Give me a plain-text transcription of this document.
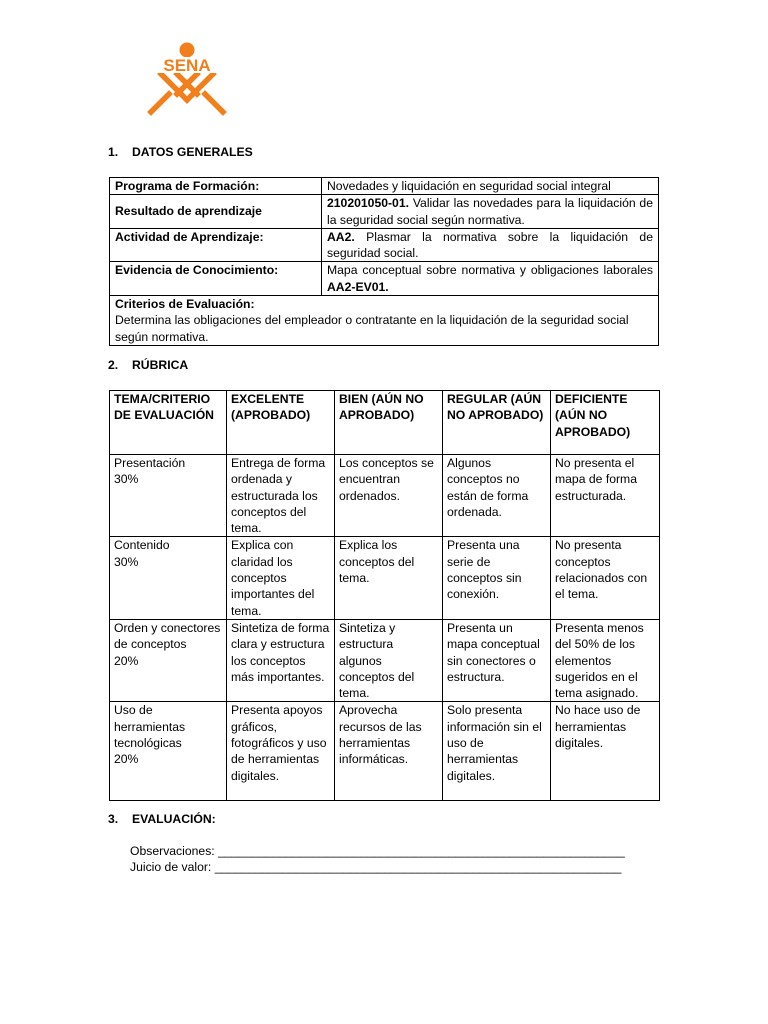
SENA
1. DATOS GENERALES
Programa de Formación:	Novedades y liquidación en seguridad social integral
Resultado de aprendizaje	210201050-01. Validar las novedades para la liquidación de la seguridad social según normativa.
Actividad de Aprendizaje:	AA2. Plasmar la normativa sobre la liquidación de seguridad social.
Evidencia de Conocimiento:	Mapa conceptual sobre normativa y obligaciones laborales AA2-EV01.

Criterios de Evaluación:
Determina las obligaciones del empleador o contratante en la liquidación de la seguridad social según normativa.	
2. RÚBRICA
TEMA/CRITERIO DE EVALUACIÓN	EXCELENTE (APROBADO)	BIEN (AÚN NO APROBADO)	REGULAR (AÚN NO APROBADO)	DEFICIENTE (AÚN NO APROBADO)

Presentación
30%	Entrega de forma ordenada y estructurada los conceptos del tema.	Los conceptos se encuentran ordenados.	Algunos conceptos no están de forma ordenada.	No presenta el mapa de forma estructurada.

Contenido
30%	Explica con claridad los conceptos importantes del tema.	Explica los conceptos del tema.	Presenta una serie de conceptos sin conexión.	No presenta conceptos relacionados con el tema.

Orden y conectores de conceptos
20%	Sintetiza de forma clara y estructura los conceptos más importantes.	Sintetiza y estructura algunos conceptos del tema.	Presenta un mapa conceptual sin conectores o estructura.	Presenta menos del 50% de los elementos sugeridos en el tema asignado.

Uso de herramientas tecnológicas
20%	Presenta apoyos gráficos, fotográficos y uso de herramientas digitales.	Aprovecha recursos de las herramientas informáticas.	Solo presenta información sin el uso de herramientas digitales.	No hace uso de herramientas digitales.
3. EVALUACIÓN:
Observaciones: ____________________________________________________________
Juicio de valor: ____________________________________________________________
